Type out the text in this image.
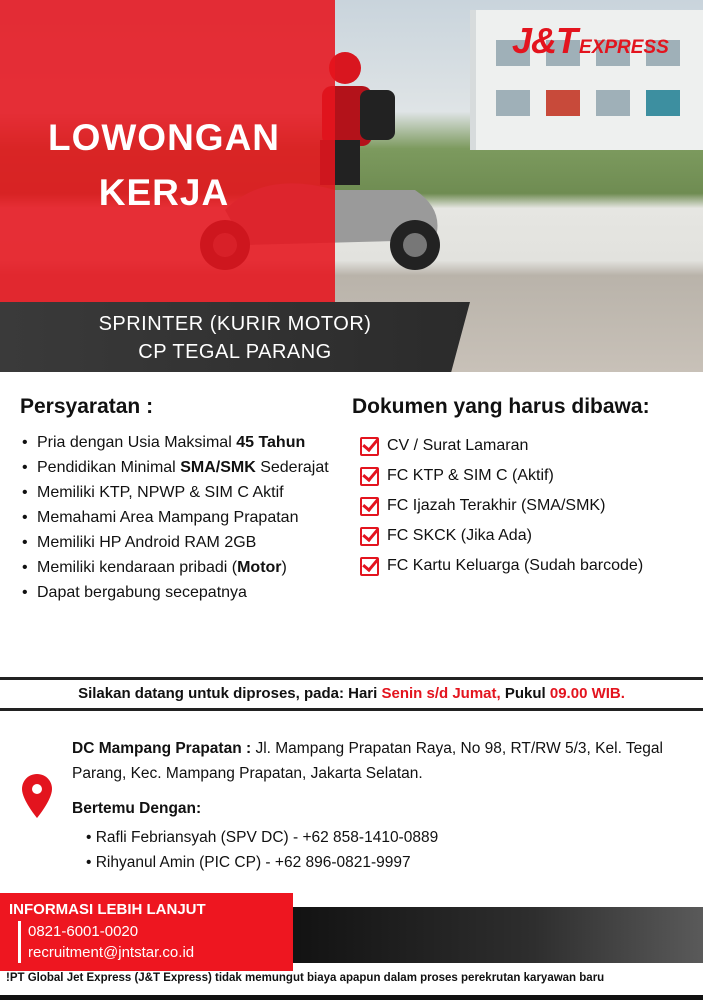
LOWONGAN
KERJA
SPRINTER (KURIR MOTOR)
CP TEGAL PARANG
J&T EXPRESS
Persyaratan :
• Pria dengan Usia Maksimal 45 Tahun
• Pendidikan Minimal SMA/SMK Sederajat
• Memiliki KTP, NPWP & SIM C Aktif
• Memahami Area Mampang Prapatan
• Memiliki HP Android RAM 2GB
• Memiliki kendaraan pribadi (Motor)
• Dapat bergabung secepatnya
Dokumen yang harus dibawa:
CV / Surat Lamaran
FC KTP & SIM C (Aktif)
FC Ijazah Terakhir (SMA/SMK)
FC SKCK (Jika Ada)
FC Kartu Keluarga (Sudah barcode)
Silakan datang untuk diproses, pada: Hari Senin s/d Jumat, Pukul 09.00 WIB.
DC Mampang Prapatan : Jl. Mampang Prapatan Raya, No 98, RT/RW 5/3, Kel. Tegal Parang, Kec. Mampang Prapatan, Jakarta Selatan.
Bertemu Dengan:
• Rafli Febriansyah (SPV DC) - +62 858-1410-0889
• Rihyanul Amin (PIC CP) - +62 896-0821-9997
INFORMASI LEBIH LANJUT
0821-6001-0020
recruitment@jntstar.co.id
!PT Global Jet Express (J&T Express) tidak memungut biaya apapun dalam proses perekrutan karyawan baru
